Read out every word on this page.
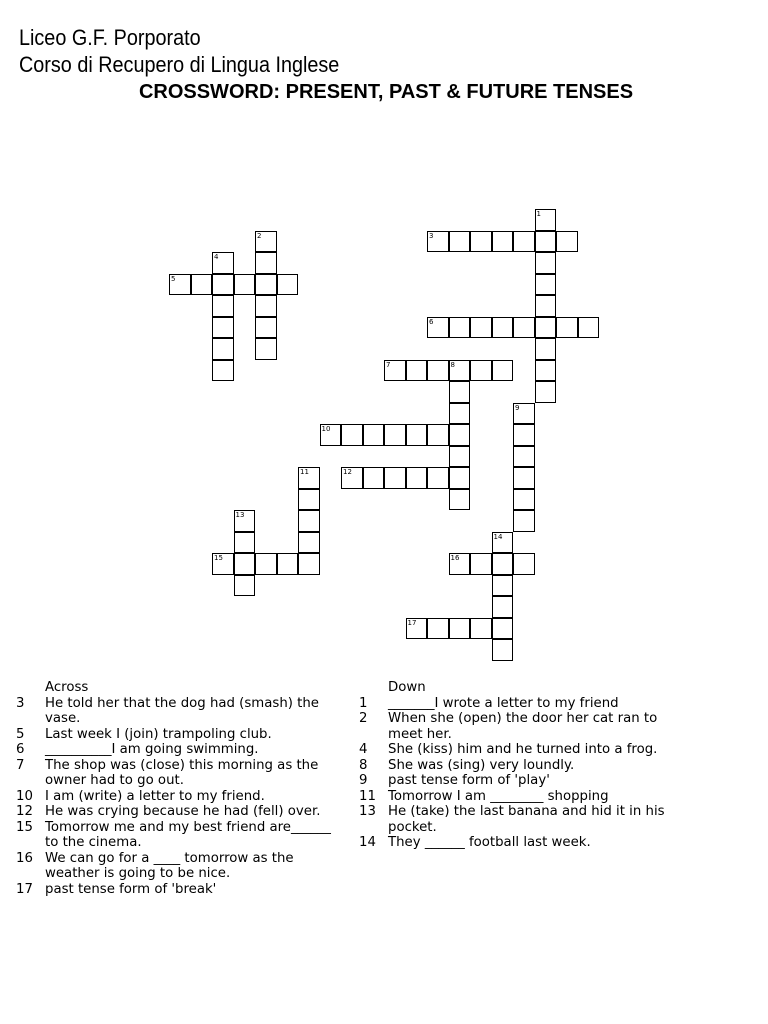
Liceo G.F. Porporato
Corso di Recupero di Lingua Inglese
CROSSWORD: PRESENT, PAST & FUTURE TENSES
1
3
2
4
5
6
7	8
9
10
11	12
13
14
15	16
17
Across
3	He told her that the dog had (smash) the vase.
5	Last week I (join) trampoling club.
6	__________I am going swimming.
7	The shop was (close) this morning as the owner had to go out.
10 I am (write) a letter to my friend.
12 He was crying because he had (fell) over.
15 Tomorrow me and my best friend are______ to the cinema.
16 We can go for a ____ tomorrow as the weather is going to be nice.
17 past tense form of 'break'
Down
1	_______I wrote a letter to my friend
2	When she (open) the door her cat ran to meet her.
4	She (kiss) him and he turned into a frog.
8	She was (sing) very loundly.
9	past tense form of 'play'
11 Tomorrow I am ________ shopping
13 He (take) the last banana and hid it in his pocket.
14 They ______ football last week.
